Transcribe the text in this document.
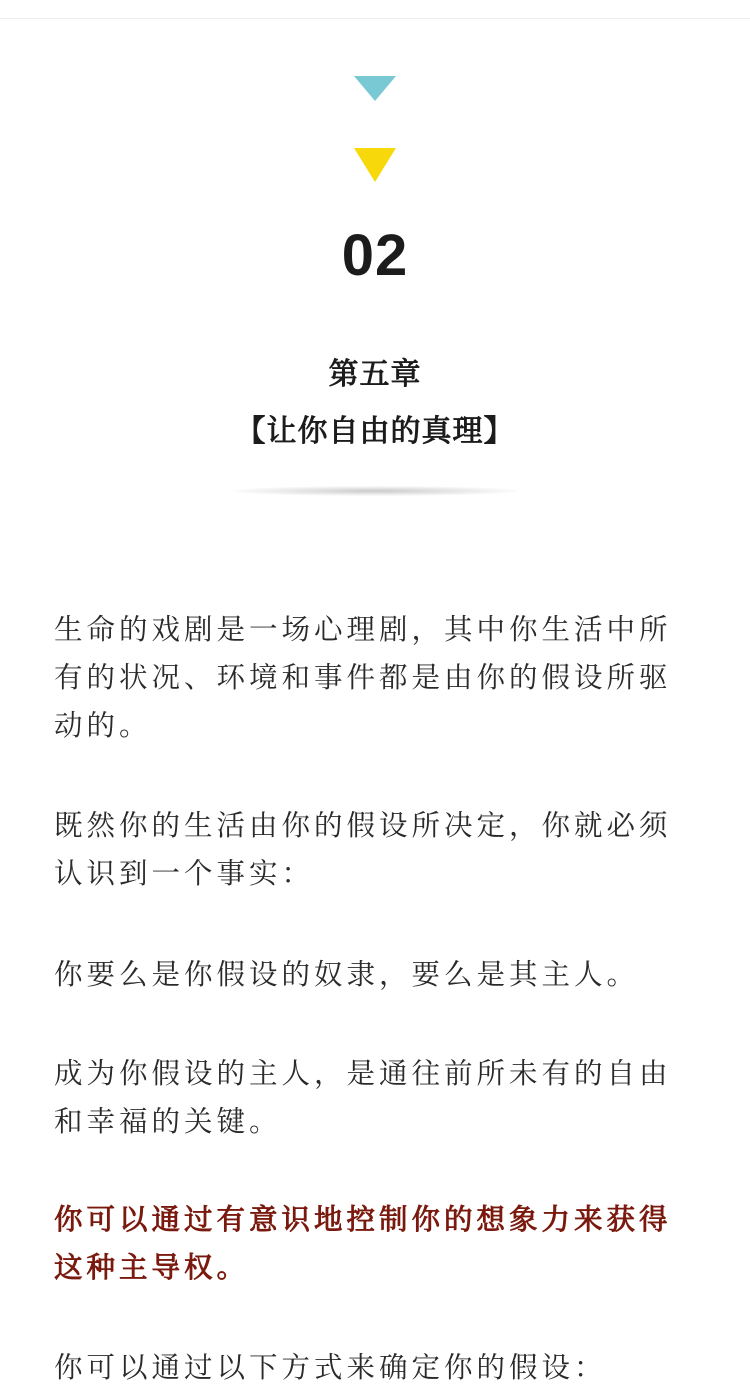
02
第五章
【让你自由的真理】

生命的戏剧是一场心理剧，其中你生活中所有的状况、环境和事件都是由你的假设所驱动的。

既然你的生活由你的假设所决定，你就必须认识到一个事实：

你要么是你假设的奴隶，要么是其主人。

成为你假设的主人，是通往前所未有的自由和幸福的关键。

你可以通过有意识地控制你的想象力来获得这种主导权。

你可以通过以下方式来确定你的假设：
